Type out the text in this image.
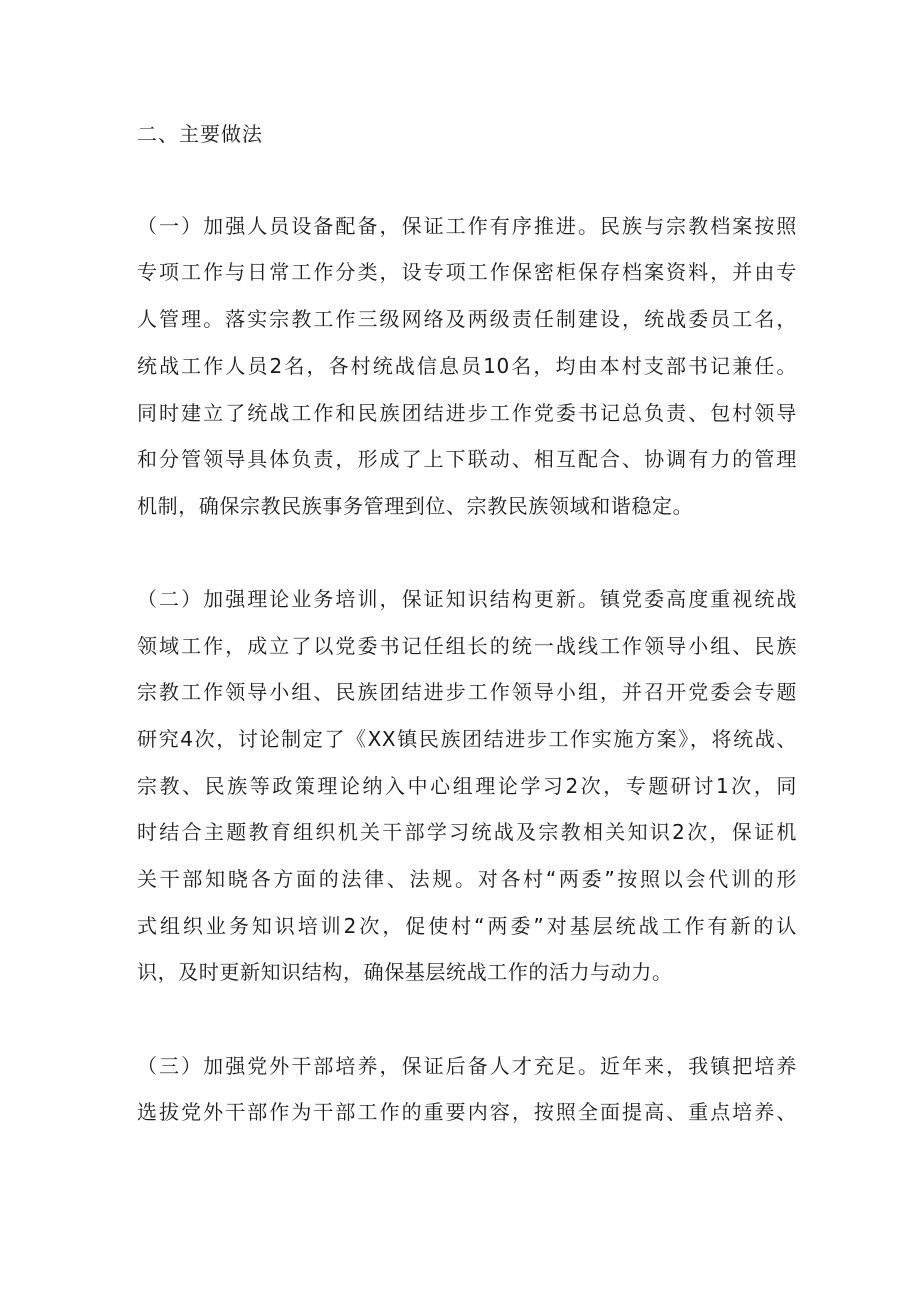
二、主要做法
（一）加强人员设备配备，保证工作有序推进。民族与宗教档案按照
专项工作与日常工作分类，设专项工作保密柜保存档案资料，并由专
人管理。落实宗教工作三级网络及两级责任制建设，统战委员工名，
统战工作人员2名，各村统战信息员10名，均由本村支部书记兼任。
同时建立了统战工作和民族团结进步工作党委书记总负责、包村领导
和分管领导具体负责，形成了上下联动、相互配合、协调有力的管理
机制，确保宗教民族事务管理到位、宗教民族领域和谐稳定。
（二）加强理论业务培训，保证知识结构更新。镇党委高度重视统战
领域工作，成立了以党委书记任组长的统一战线工作领导小组、民族
宗教工作领导小组、民族团结进步工作领导小组，并召开党委会专题
研究4次，讨论制定了《XX镇民族团结进步工作实施方案》，将统战、
宗教、民族等政策理论纳入中心组理论学习2次，专题研讨1次，同
时结合主题教育组织机关干部学习统战及宗教相关知识2次，保证机
关干部知晓各方面的法律、法规。对各村“两委”按照以会代训的形
式组织业务知识培训2次，促使村“两委”对基层统战工作有新的认
识，及时更新知识结构，确保基层统战工作的活力与动力。
（三）加强党外干部培养，保证后备人才充足。近年来，我镇把培养
选拔党外干部作为干部工作的重要内容，按照全面提高、重点培养、
